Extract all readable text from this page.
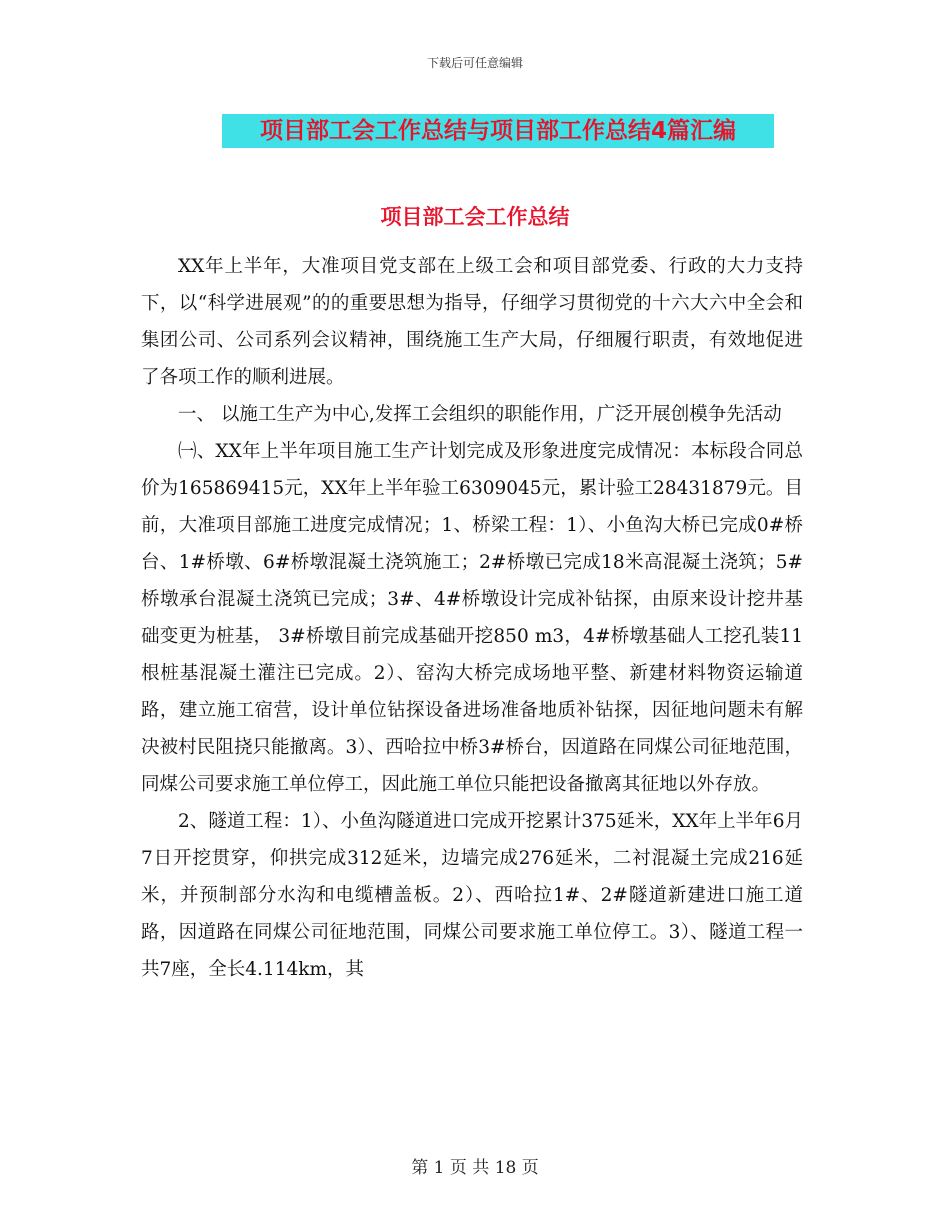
下载后可任意编辑
项目部工会工作总结与项目部工作总结4篇汇编
项目部工会工作总结

XX年上半年，大准项目党支部在上级工会和项目部党委、行政的大力支持下，以“科学进展观”的的重要思想为指导，仔细学习贯彻党的十六大六中全会和集团公司、公司系列会议精神，围绕施工生产大局，仔细履行职责，有效地促进了各项工作的顺利进展。

一、 以施工生产为中心,发挥工会组织的职能作用，广泛开展创模争先活动

㈠、XX年上半年项目施工生产计划完成及形象进度完成情况：本标段合同总价为165869415元，XX年上半年验工6309045元，累计验工28431879元。目前，大准项目部施工进度完成情况；1、桥梁工程：1）、小鱼沟大桥已完成0#桥台、1#桥墩、6#桥墩混凝土浇筑施工；2#桥墩已完成18米高混凝土浇筑；5#桥墩承台混凝土浇筑已完成；3#、4#桥墩设计完成补钻探，由原来设计挖井基础变更为桩基， 3#桥墩目前完成基础开挖850 m3，4#桥墩基础人工挖孔装11根桩基混凝土灌注已完成。2）、窑沟大桥完成场地平整、新建材料物资运输道路，建立施工宿营，设计单位钻探设备进场准备地质补钻探，因征地问题未有解决被村民阻挠只能撤离。3）、西哈拉中桥3#桥台，因道路在同煤公司征地范围，同煤公司要求施工单位停工，因此施工单位只能把设备撤离其征地以外存放。

2、隧道工程：1）、小鱼沟隧道进口完成开挖累计375延米，XX年上半年6月7日开挖贯穿，仰拱完成312延米，边墙完成276延米，二衬混凝土完成216延米，并预制部分水沟和电缆槽盖板。2）、西哈拉1#、2#隧道新建进口施工道路，因道路在同煤公司征地范围，同煤公司要求施工单位停工。3）、隧道工程一共7座，全长4.114km，其

第 1 页 共 18 页
